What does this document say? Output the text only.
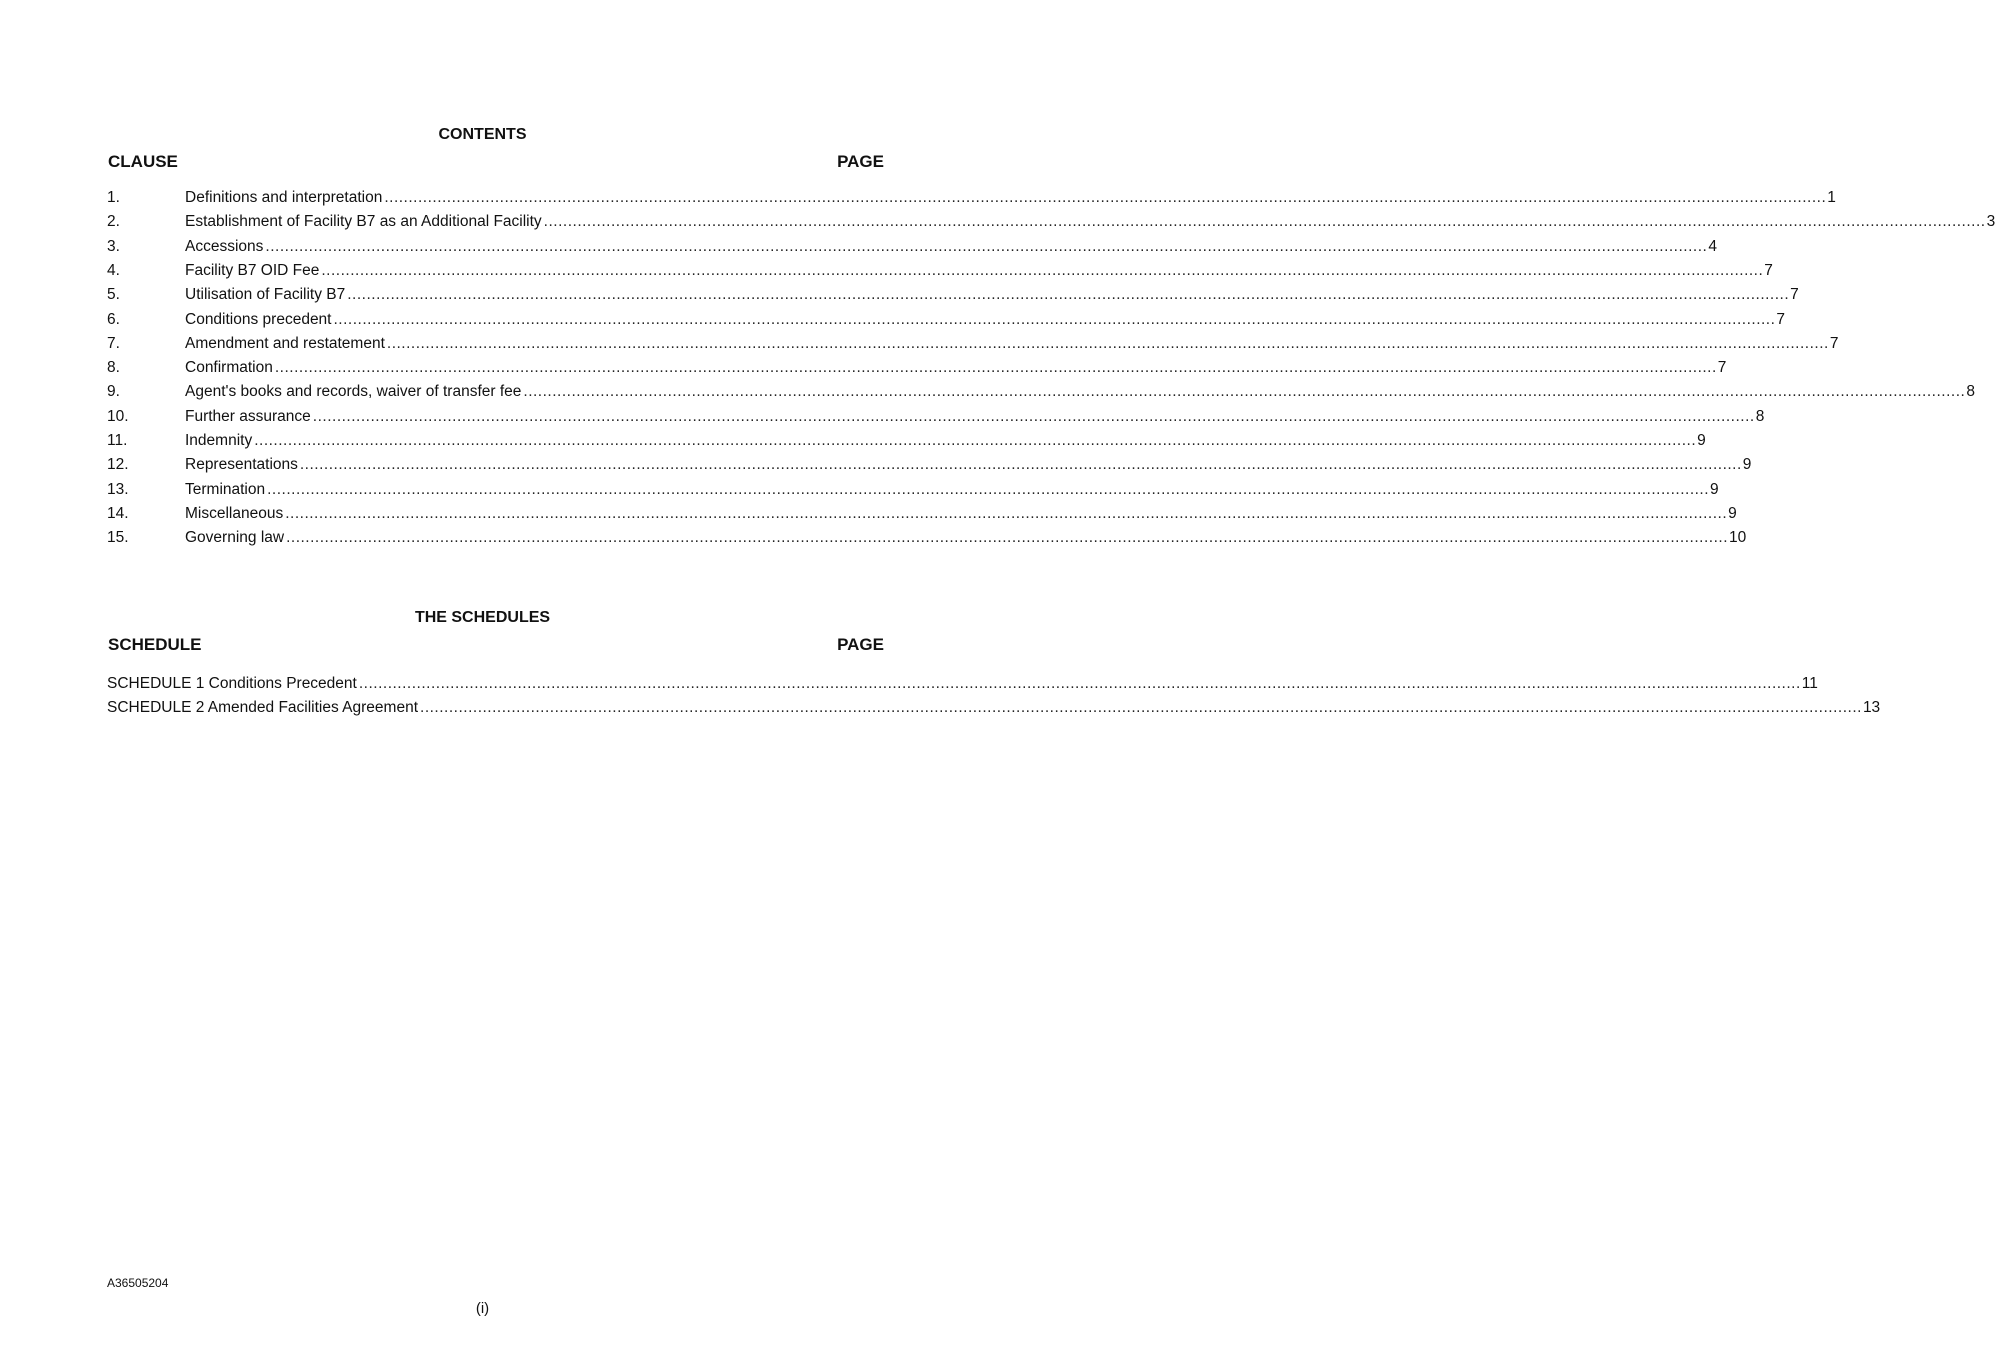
CONTENTS
CLAUSE	PAGE
1.	Definitions and interpretation ............................................................................................................................................................................................................................................................................................................ 1
2.	Establishment of Facility B7 as an Additional Facility ............................................................................................................................................................................................................................................................................................................ 3
3.	Accessions ............................................................................................................................................................................................................................................................................................................ 4
4.	Facility B7 OID Fee ............................................................................................................................................................................................................................................................................................................ 7
5.	Utilisation of Facility B7 ............................................................................................................................................................................................................................................................................................................ 7
6.	Conditions precedent ............................................................................................................................................................................................................................................................................................................ 7
7.	Amendment and restatement ............................................................................................................................................................................................................................................................................................................ 7
8.	Confirmation ............................................................................................................................................................................................................................................................................................................ 7
9.	Agent's books and records, waiver of transfer fee ............................................................................................................................................................................................................................................................................................................ 8
10.	Further assurance ............................................................................................................................................................................................................................................................................................................ 8
11.	Indemnity ............................................................................................................................................................................................................................................................................................................ 9
12.	Representations ............................................................................................................................................................................................................................................................................................................ 9
13.	Termination ............................................................................................................................................................................................................................................................................................................ 9
14.	Miscellaneous ............................................................................................................................................................................................................................................................................................................ 9
15.	Governing law ............................................................................................................................................................................................................................................................................................................ 10
THE SCHEDULES
SCHEDULE	PAGE
SCHEDULE 1 Conditions Precedent ............................................................................................................................................................................................................................................................................................................ 11
SCHEDULE 2 Amended Facilities Agreement ............................................................................................................................................................................................................................................................................................................ 13
A36505204
(i)
